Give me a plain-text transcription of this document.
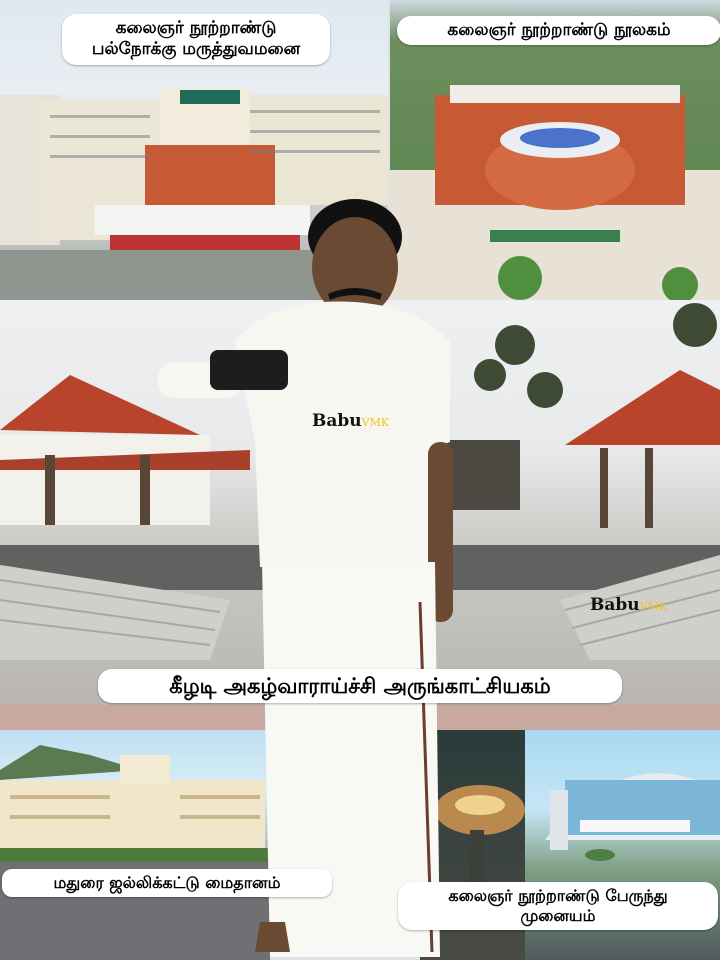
BabuVMK
BabuVMK
கலைஞர் நூற்றாண்டு
பல்நோக்கு மருத்துவமனை
கலைஞர் நூற்றாண்டு நூலகம்
கீழடி அகழ்வாராய்ச்சி அருங்காட்சியகம்
மதுரை ஜல்லிக்கட்டு மைதானம்
கலைஞர் நூற்றாண்டு பேருந்து
முனையம்
